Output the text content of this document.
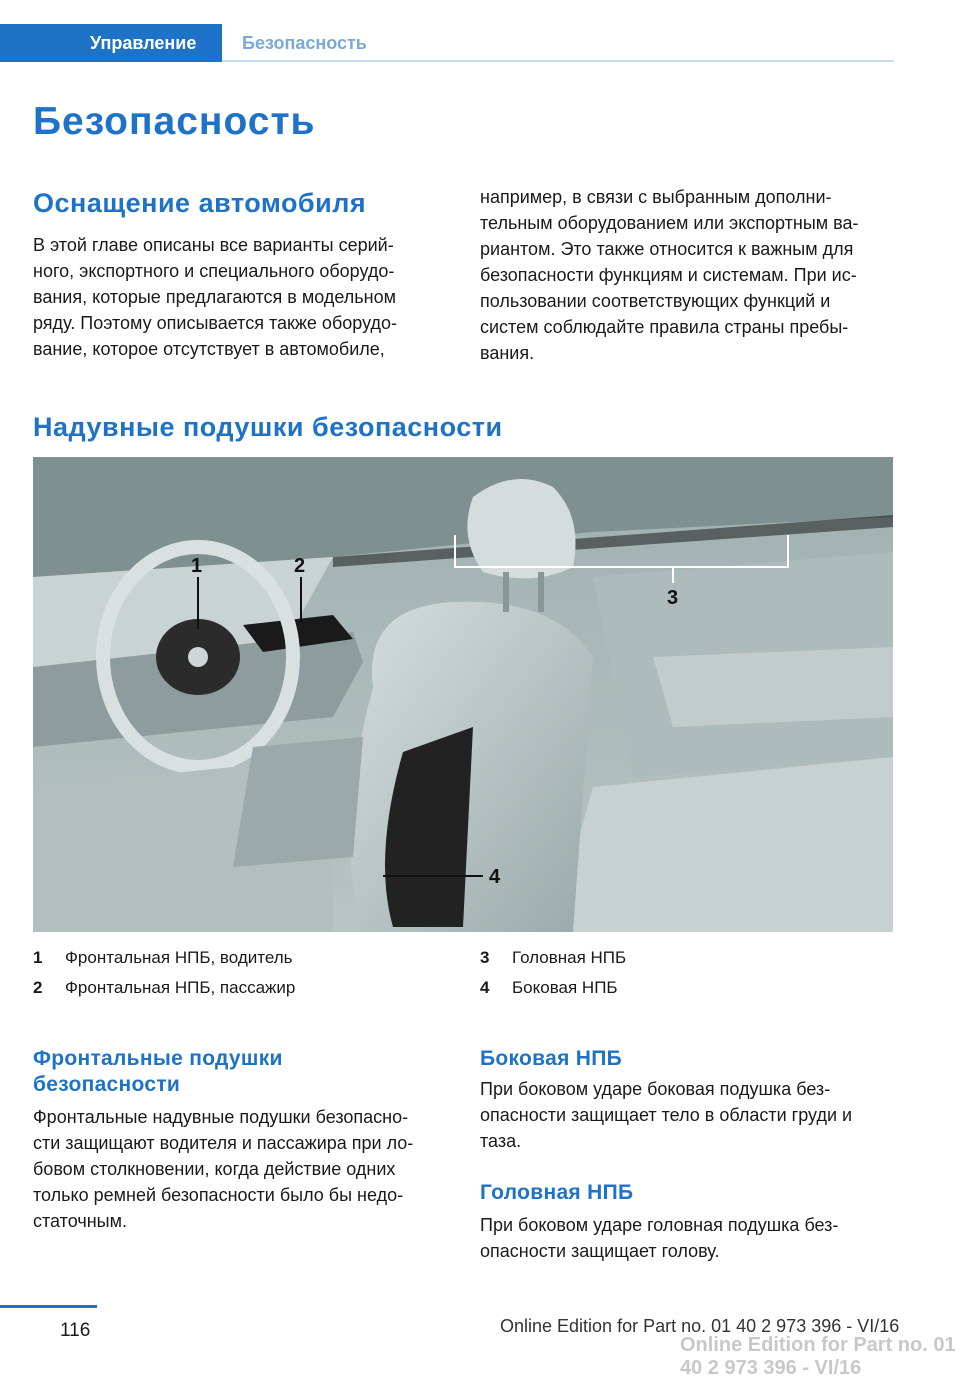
Управление	Безопасность
Безопасность
Оснащение автомобиля
В этой главе описаны все варианты серий-
ного, экспортного и специального оборудо-
вания, которые предлагаются в модельном
ряду. Поэтому описывается также оборудо-
вание, которое отсутствует в автомобиле,
например, в связи с выбранным дополни-
тельным оборудованием или экспортным ва-
риантом. Это также относится к важным для
безопасности функциям и системам. При ис-
пользовании соответствующих функций и
систем соблюдайте правила страны пребы-
вания.
Надувные подушки безопасности
1	2
3
4
1 Фронтальная НПБ, водитель
2 Фронтальная НПБ, пассажир
3 Головная НПБ
4 Боковая НПБ
Фронтальные подушки
безопасности
Фронтальные надувные подушки безопасно-
сти защищают водителя и пассажира при ло-
бовом столкновении, когда действие одних
только ремней безопасности было бы недо-
статочным.
Боковая НПБ
При боковом ударе боковая подушка без-
опасности защищает тело в области груди и
таза.
Головная НПБ
При боковом ударе головная подушка без-
опасности защищает голову.
116	Online Edition for Part no. 01 40 2 973 396 - VI/16
Online Edition for Part no. 01 40 2 973 396 - VI/16
